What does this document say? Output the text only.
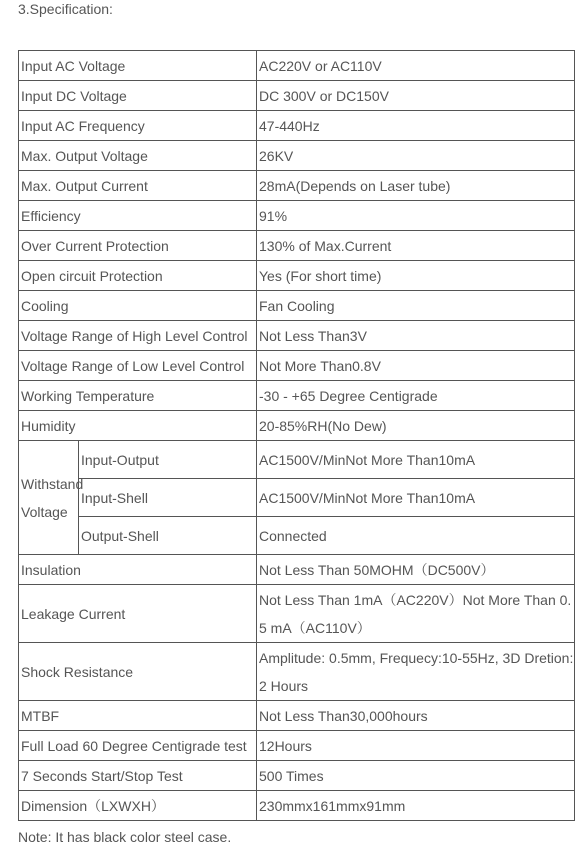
3.Specification:
Input AC Voltage		AC220V or AC110V
Input DC Voltage		DC 300V or DC150V
Input AC Frequency		47-440Hz
Max. Output Voltage		26KV
Max. Output Current		28mA(Depends on Laser tube)
Efficiency		91%
Over Current Protection		130% of Max.Current
Open circuit Protection		Yes (For short time)
Cooling		Fan Cooling
Voltage Range of High Level Control		Not Less Than3V
Voltage Range of Low Level Control		Not More Than0.8V
Working Temperature		-30 - +65 Degree Centigrade
Humidity		20-85%RH(No Dew)
Withstand Voltage	Input-Output	AC1500V/MinNot More Than10mA
	Input-Shell	AC1500V/MinNot More Than10mA
	Output-Shell	Connected
Insulation		Not Less Than 50MOHM（DC500V）
Leakage Current		Not Less Than 1mA（AC220V）Not More Than 0.5 mA（AC110V）
Shock Resistance		Amplitude: 0.5mm, Frequecy:10-55Hz, 3D Dretion:2 Hours
MTBF		Not Less Than30,000hours
Full Load 60 Degree Centigrade test		12Hours
7 Seconds Start/Stop Test		500 Times
Dimension（LXWXH）		230mmx161mmx91mm
Note: It has black color steel case.
